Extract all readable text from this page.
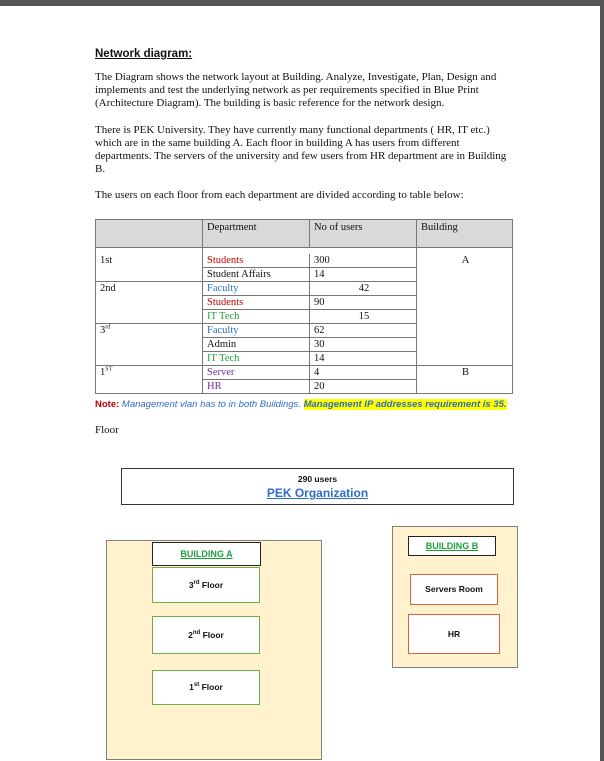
Network diagram:

The Diagram shows the network layout at Building. Analyze, Investigate, Plan, Design and implements and test the underlying network as per requirements specified in Blue Print (Architecture Diagram). The building is basic reference for the network design.

There is PEK University. They have currently many functional departments ( HR, IT etc.) which are in the same building A. Each floor in building A has users from different departments. The servers of the university and few users from HR department are in Building B.

The users on each floor from each department are divided according to table below:

	Department	No of users	Building

1st	Students	300	A
	Student Affairs	14	
2nd	Faculty	42	
	Students	90	
	IT Tech	15	
3rd	Faculty	62	
	Admin	30	
	IT Tech	14	
1ST	Server	4	B
	HR	20	
Note: Management vlan has to in both Buildings. Management IP addresses requirement is 35.
Floor
290 users
PEK Organization
BUILDING A
3rd Floor
2nd Floor
1st Floor
BUILDING B
Servers Room
HR
